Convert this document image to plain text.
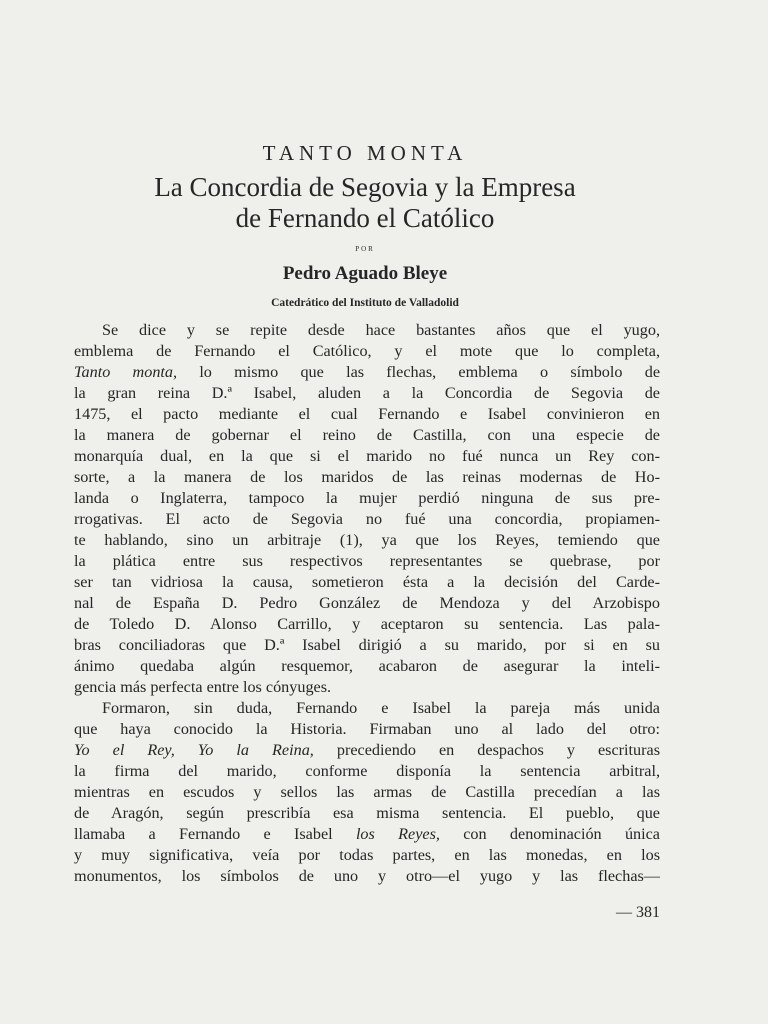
TANTO MONTA
La Concordia de Segovia y la Empresa
de Fernando el Católico
POR
Pedro Aguado Bleye
Catedrático del Instituto de Valladolid
Se dice y se repite desde hace bastantes años que el yugo,
emblema de Fernando el Católico, y el mote que lo completa,
Tanto monta, lo mismo que las flechas, emblema o símbolo de
la gran reina D.ª Isabel, aluden a la Concordia de Segovia de
1475, el pacto mediante el cual Fernando e Isabel convinieron en
la manera de gobernar el reino de Castilla, con una especie de
monarquía dual, en la que si el marido no fué nunca un Rey con-
sorte, a la manera de los maridos de las reinas modernas de Ho-
landa o Inglaterra, tampoco la mujer perdió ninguna de sus pre-
rrogativas. El acto de Segovia no fué una concordia, propiamen-
te hablando, sino un arbitraje (1), ya que los Reyes, temiendo que
la plática entre sus respectivos representantes se quebrase, por
ser tan vidriosa la causa, sometieron ésta a la decisión del Carde-
nal de España D. Pedro González de Mendoza y del Arzobispo
de Toledo D. Alonso Carrillo, y aceptaron su sentencia. Las pala-
bras conciliadoras que D.ª Isabel dirigió a su marido, por si en su
ánimo quedaba algún resquemor, acabaron de asegurar la inteli-
gencia más perfecta entre los cónyuges.
Formaron, sin duda, Fernando e Isabel la pareja más unida
que haya conocido la Historia. Firmaban uno al lado del otro:
Yo el Rey, Yo la Reina, precediendo en despachos y escrituras
la firma del marido, conforme disponía la sentencia arbitral,
mientras en escudos y sellos las armas de Castilla precedían a las
de Aragón, según prescribía esa misma sentencia. El pueblo, que
llamaba a Fernando e Isabel los Reyes, con denominación única
y muy significativa, veía por todas partes, en las monedas, en los
monumentos, los símbolos de uno y otro—el yugo y las flechas—
— 381
